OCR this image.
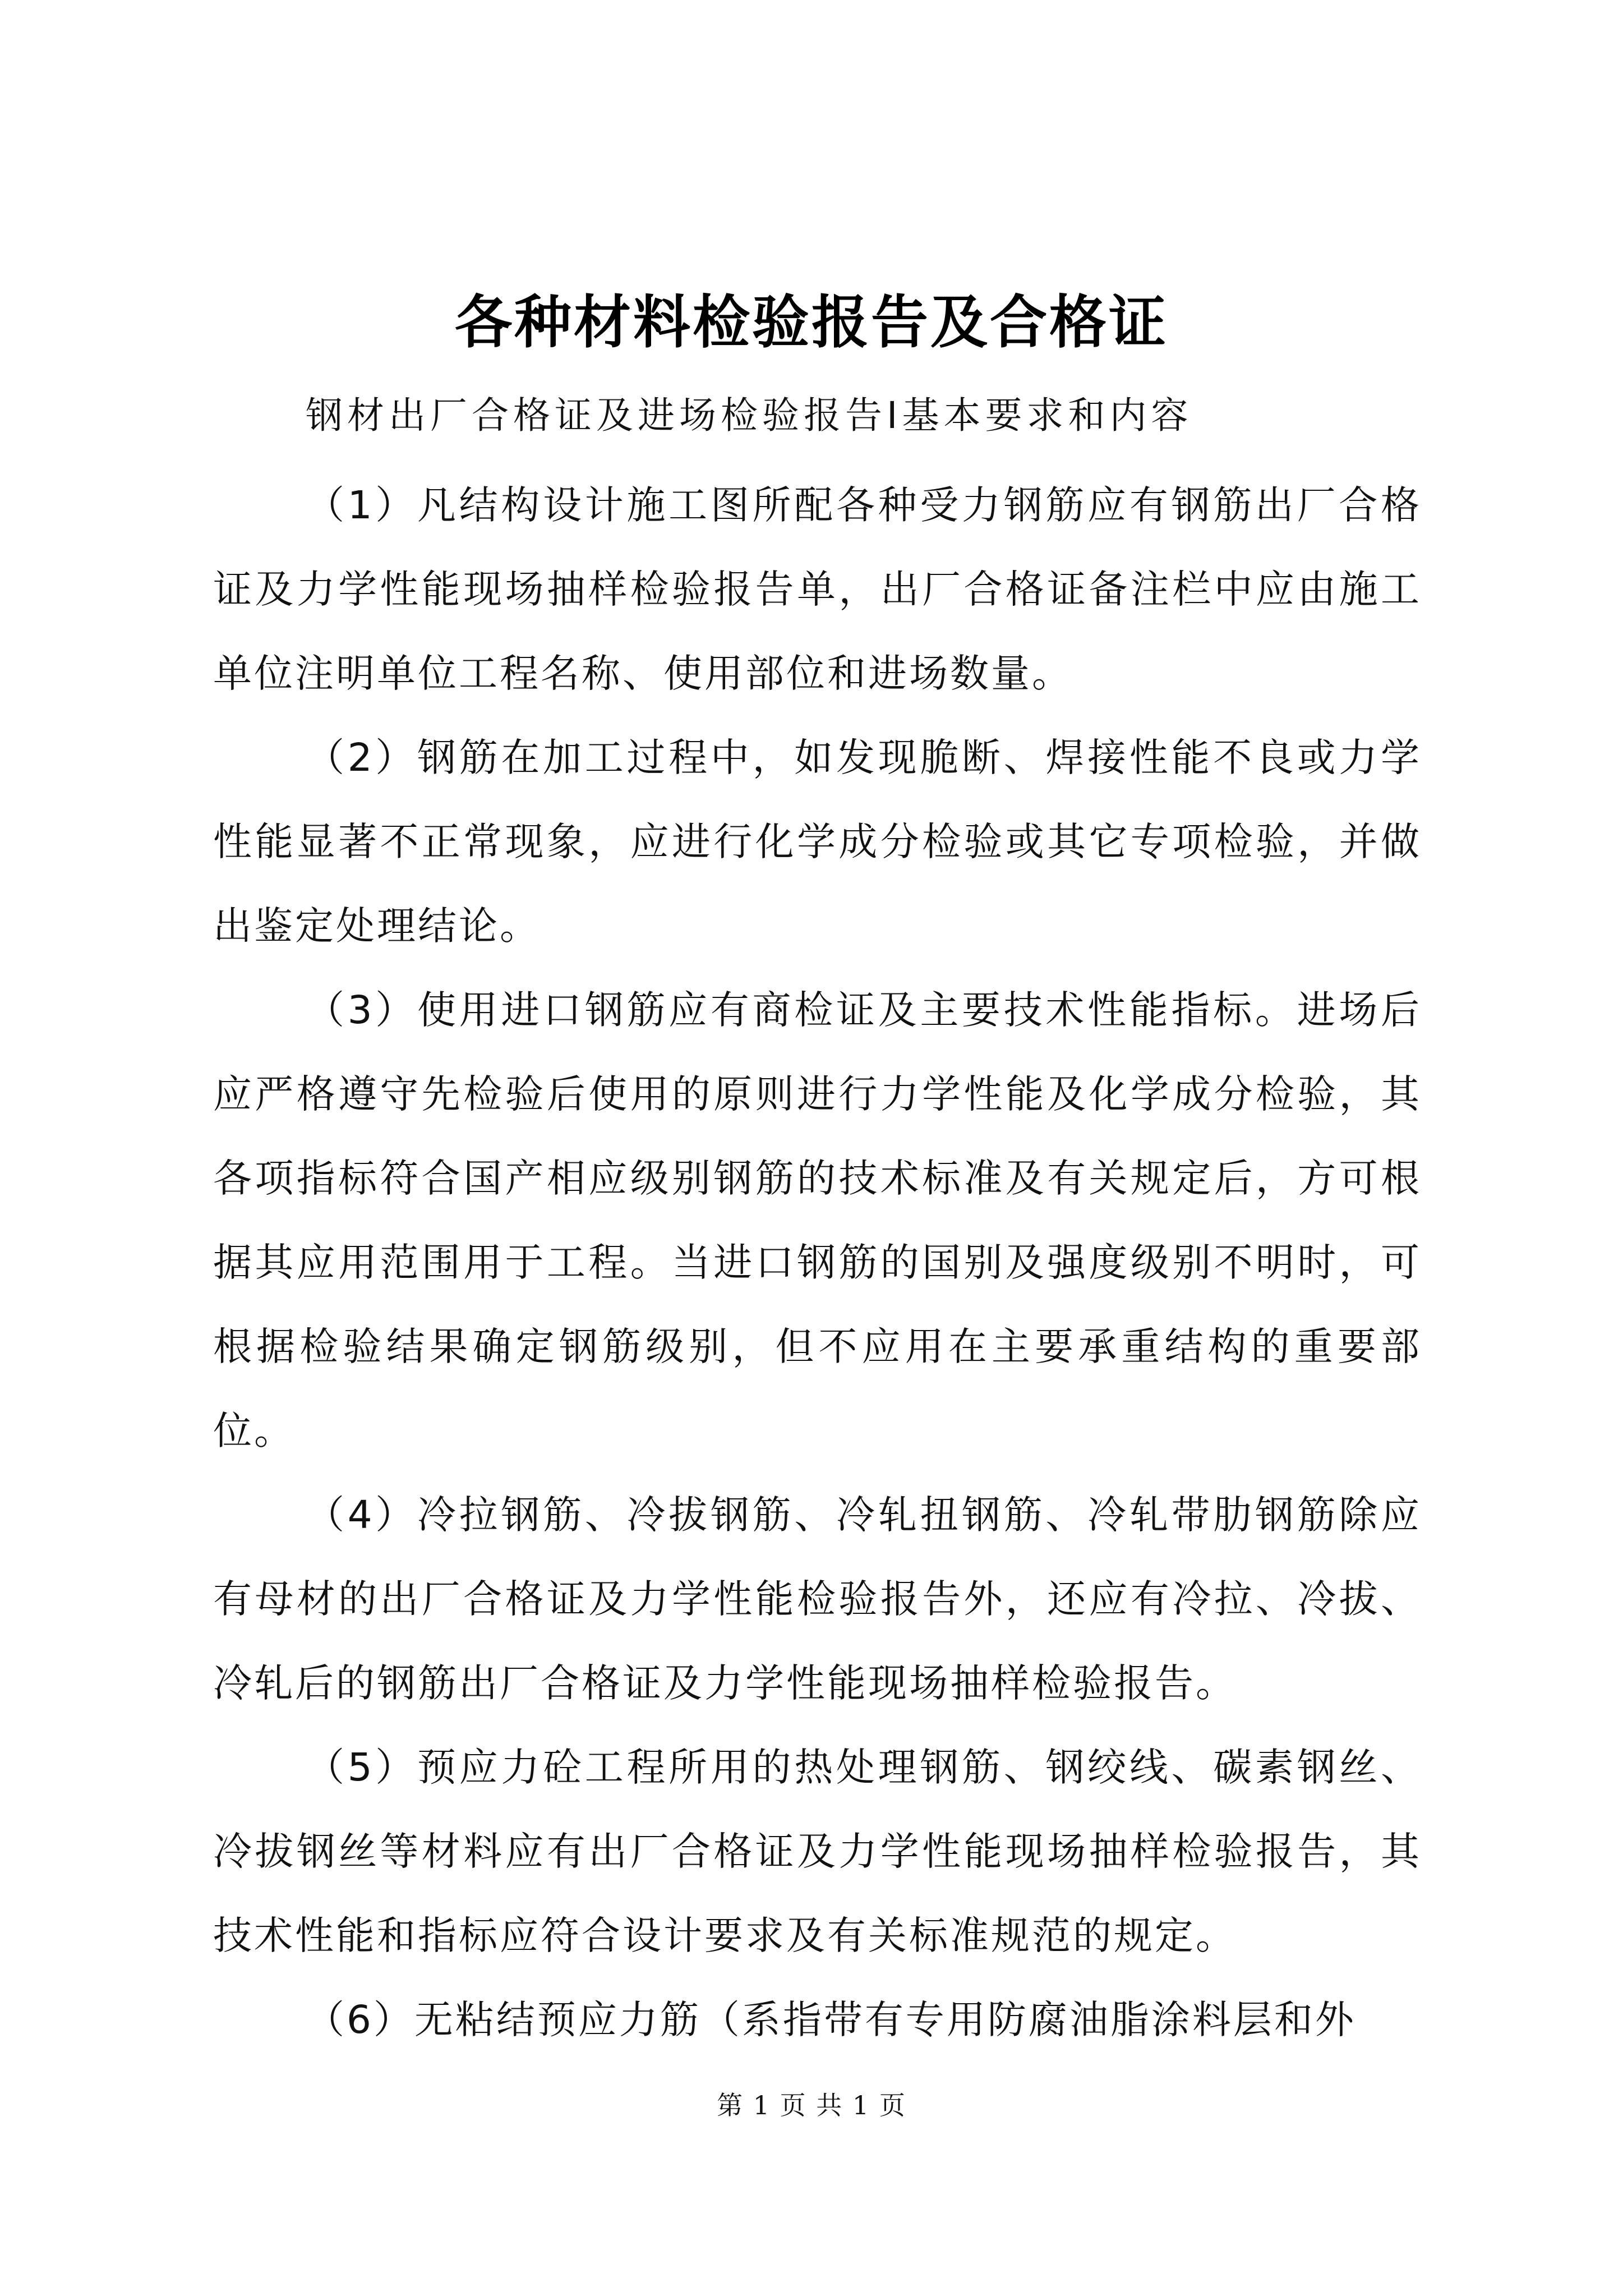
各种材料检验报告及合格证
钢材出厂合格证及进场检验报告Ⅰ基本要求和内容

（1）凡结构设计施工图所配各种受力钢筋应有钢筋出厂合格证及力学性能现场抽样检验报告单，出厂合格证备注栏中应由施工单位注明单位工程名称、使用部位和进场数量。

（2）钢筋在加工过程中，如发现脆断、焊接性能不良或力学性能显著不正常现象，应进行化学成分检验或其它专项检验，并做出鉴定处理结论。

（3）使用进口钢筋应有商检证及主要技术性能指标。进场后应严格遵守先检验后使用的原则进行力学性能及化学成分检验，其各项指标符合国产相应级别钢筋的技术标准及有关规定后，方可根据其应用范围用于工程。当进口钢筋的国别及强度级别不明时，可根据检验结果确定钢筋级别，但不应用在主要承重结构的重要部位。

（4）冷拉钢筋、冷拔钢筋、冷轧扭钢筋、冷轧带肋钢筋除应有母材的出厂合格证及力学性能检验报告外，还应有冷拉、冷拔、冷轧后的钢筋出厂合格证及力学性能现场抽样检验报告。

（5）预应力砼工程所用的热处理钢筋、钢绞线、碳素钢丝、冷拔钢丝等材料应有出厂合格证及力学性能现场抽样检验报告，其技术性能和指标应符合设计要求及有关标准规范的规定。

（6）无粘结预应力筋（系指带有专用防腐油脂涂料层和外

第 1 页 共 1 页
